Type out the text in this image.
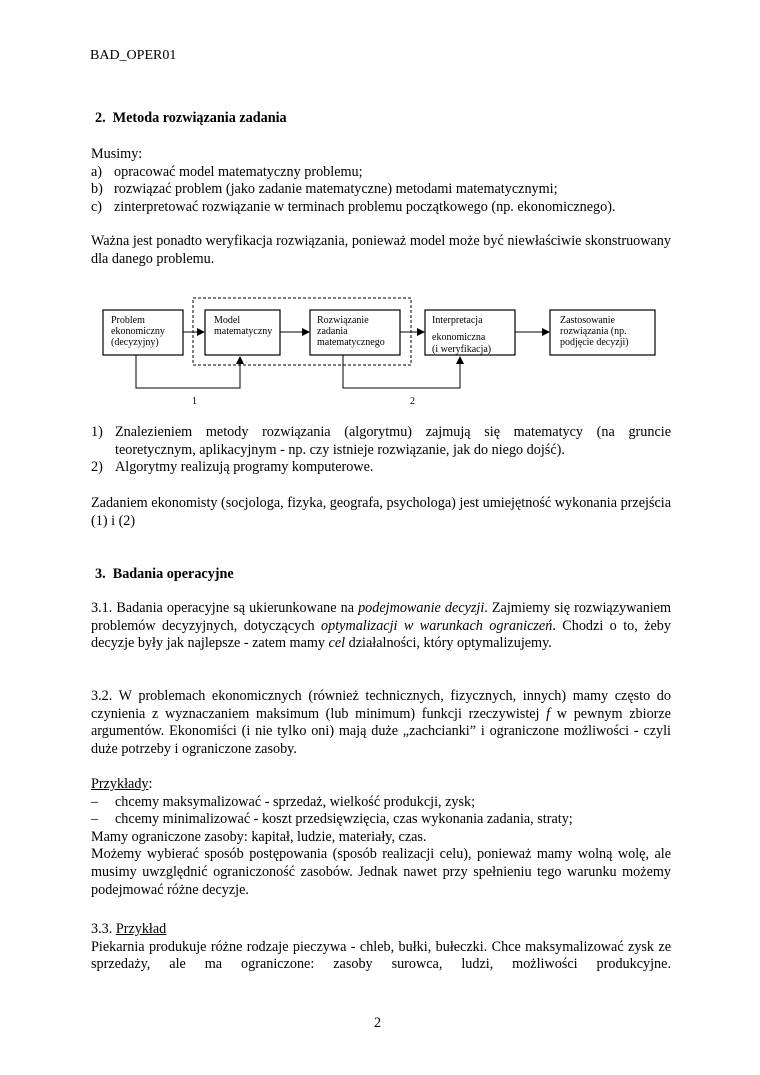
BAD_OPER01
2. Metoda rozwiązania zadania
Musimy:
a) opracować model matematyczny problemu;
b) rozwiązać problem (jako zadanie matematyczne) metodami matematycznymi;
c) zinterpretować rozwiązanie w terminach problemu początkowego (np. ekonomicznego).
Ważna jest ponadto weryfikacja rozwiązania, ponieważ model może być niewłaściwie skonstruowany dla danego problemu.
Problem
ekonomiczny
(decyzyjny)
Model
matematyczny
Rozwiązanie
zadania
matematycznego
Interpretacja
ekonomiczna
(i weryfikacja)
Zastosowanie
rozwiązania (np.
podjęcie decyzji)
1	2
1) Znalezieniem metody rozwiązania (algorytmu) zajmują się matematycy (na gruncie teoretycznym, aplikacyjnym - np. czy istnieje rozwiązanie, jak do niego dojść).
2) Algorytmy realizują programy komputerowe.
Zadaniem ekonomisty (socjologa, fizyka, geografa, psychologa) jest umiejętność wykonania przejścia (1) i (2)
3. Badania operacyjne
3.1. Badania operacyjne są ukierunkowane na podejmowanie decyzji. Zajmiemy się rozwiązywaniem problemów decyzyjnych, dotyczących optymalizacji w warunkach ograniczeń. Chodzi o to, żeby decyzje były jak najlepsze - zatem mamy cel działalności, który optymalizujemy.
3.2. W problemach ekonomicznych (również technicznych, fizycznych, innych) mamy często do czynienia z wyznaczaniem maksimum (lub minimum) funkcji rzeczywistej f w pewnym zbiorze argumentów. Ekonomiści (i nie tylko oni) mają duże „zachcianki” i ograniczone możliwości - czyli duże potrzeby i ograniczone zasoby.
Przykłady:
– chcemy maksymalizować - sprzedaż, wielkość produkcji, zysk;
– chcemy minimalizować - koszt przedsięwzięcia, czas wykonania zadania, straty;
Mamy ograniczone zasoby: kapitał, ludzie, materiały, czas.
Możemy wybierać sposób postępowania (sposób realizacji celu), ponieważ mamy wolną wolę, ale musimy uwzględnić ograniczoność zasobów. Jednak nawet przy spełnieniu tego warunku możemy podejmować różne decyzje.
3.3. Przykład
Piekarnia produkuje różne rodzaje pieczywa - chleb, bułki, bułeczki. Chce maksymalizować zysk ze sprzedaży, ale ma ograniczone: zasoby surowca, ludzi, możliwości produkcyjne.
2
